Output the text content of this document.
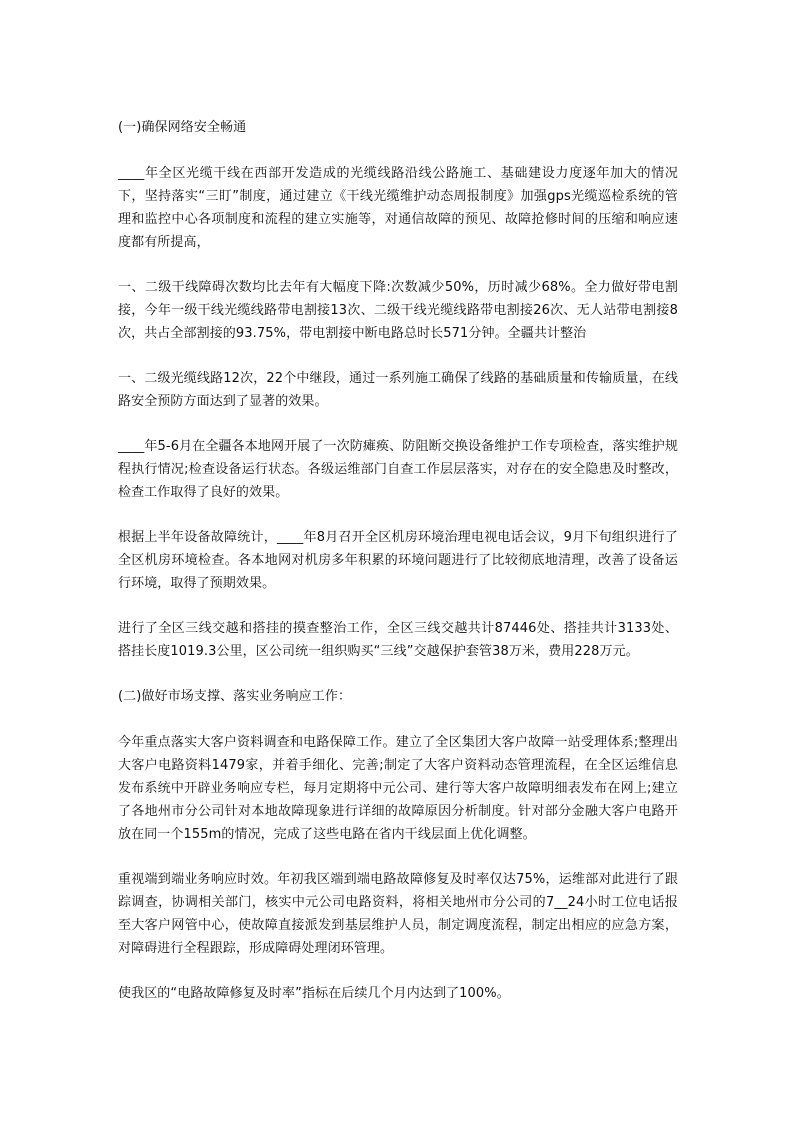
(一)确保网络安全畅通

____年全区光缆干线在西部开发造成的光缆线路沿线公路施工、基础建设力度逐年加大的情况下，坚持落实“三盯”制度，通过建立《干线光缆维护动态周报制度》加强gps光缆巡检系统的管理和监控中心各项制度和流程的建立实施等，对通信故障的预见、故障抢修时间的压缩和响应速度都有所提高，

一、二级干线障碍次数均比去年有大幅度下降:次数减少50%，历时减少68%。全力做好带电割接，今年一级干线光缆线路带电割接13次、二级干线光缆线路带电割接26次、无人站带电割接8次，共占全部割接的93.75%，带电割接中断电路总时长571分钟。全疆共计整治

一、二级光缆线路12次，22个中继段，通过一系列施工确保了线路的基础质量和传输质量，在线路安全预防方面达到了显著的效果。

____年5-6月在全疆各本地网开展了一次防瘫痪、防阻断交换设备维护工作专项检查，落实维护规程执行情况;检查设备运行状态。各级运维部门自查工作层层落实，对存在的安全隐患及时整改，检查工作取得了良好的效果。

根据上半年设备故障统计，____年8月召开全区机房环境治理电视电话会议，9月下旬组织进行了全区机房环境检查。各本地网对机房多年积累的环境问题进行了比较彻底地清理，改善了设备运行环境，取得了预期效果。

进行了全区三线交越和搭挂的摸查整治工作，全区三线交越共计87446处、搭挂共计3133处、搭挂长度1019.3公里，区公司统一组织购买“三线”交越保护套管38万米，费用228万元。

(二)做好市场支撑、落实业务响应工作：

今年重点落实大客户资料调查和电路保障工作。建立了全区集团大客户故障一站受理体系;整理出大客户电路资料1479家，并着手细化、完善;制定了大客户资料动态管理流程，在全区运维信息发布系统中开辟业务响应专栏，每月定期将中元公司、建行等大客户故障明细表发布在网上;建立了各地州市分公司针对本地故障现象进行详细的故障原因分析制度。针对部分金融大客户电路开放在同一个155m的情况，完成了这些电路在省内干线层面上优化调整。

重视端到端业务响应时效。年初我区端到端电路故障修复及时率仅达75%，运维部对此进行了跟踪调查，协调相关部门，核实中元公司电路资料，将相关地州市分公司的7__24小时工位电话报至大客户网管中心，使故障直接派发到基层维护人员，制定调度流程，制定出相应的应急方案，对障碍进行全程跟踪，形成障碍处理闭环管理。

使我区的“电路故障修复及时率”指标在后续几个月内达到了100%。
